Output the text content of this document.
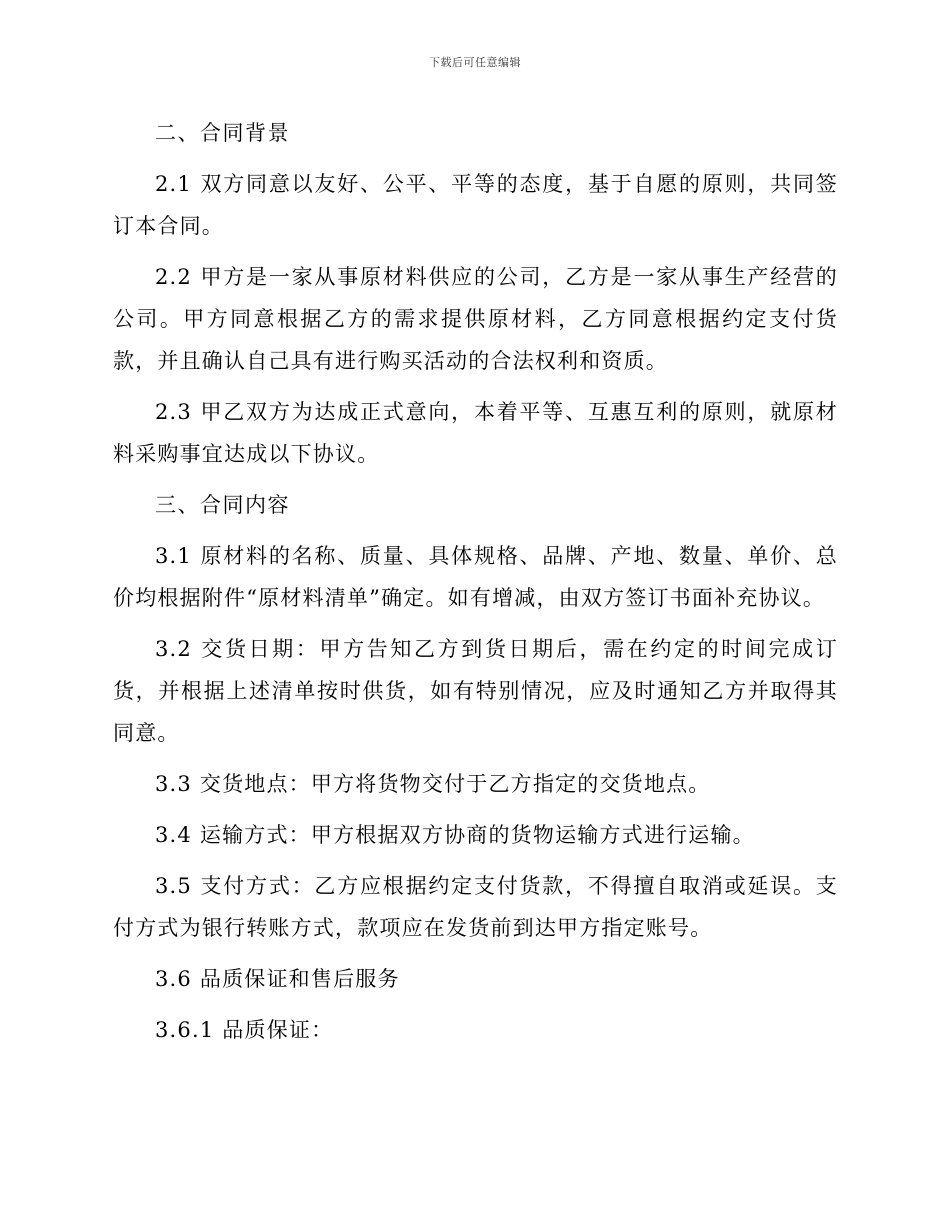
下载后可任意编辑

二、合同背景

2.1 双方同意以友好、公平、平等的态度，基于自愿的原则，共同签订本合同。

2.2 甲方是一家从事原材料供应的公司，乙方是一家从事生产经营的公司。甲方同意根据乙方的需求提供原材料，乙方同意根据约定支付货款，并且确认自己具有进行购买活动的合法权利和资质。

2.3 甲乙双方为达成正式意向，本着平等、互惠互利的原则，就原材料采购事宜达成以下协议。

三、合同内容

3.1 原材料的名称、质量、具体规格、品牌、产地、数量、单价、总价均根据附件“原材料清单”确定。如有增减，由双方签订书面补充协议。

3.2 交货日期：甲方告知乙方到货日期后，需在约定的时间完成订货，并根据上述清单按时供货，如有特别情况，应及时通知乙方并取得其同意。

3.3 交货地点：甲方将货物交付于乙方指定的交货地点。

3.4 运输方式：甲方根据双方协商的货物运输方式进行运输。

3.5 支付方式：乙方应根据约定支付货款，不得擅自取消或延误。支付方式为银行转账方式，款项应在发货前到达甲方指定账号。

3.6 品质保证和售后服务

3.6.1 品质保证：
